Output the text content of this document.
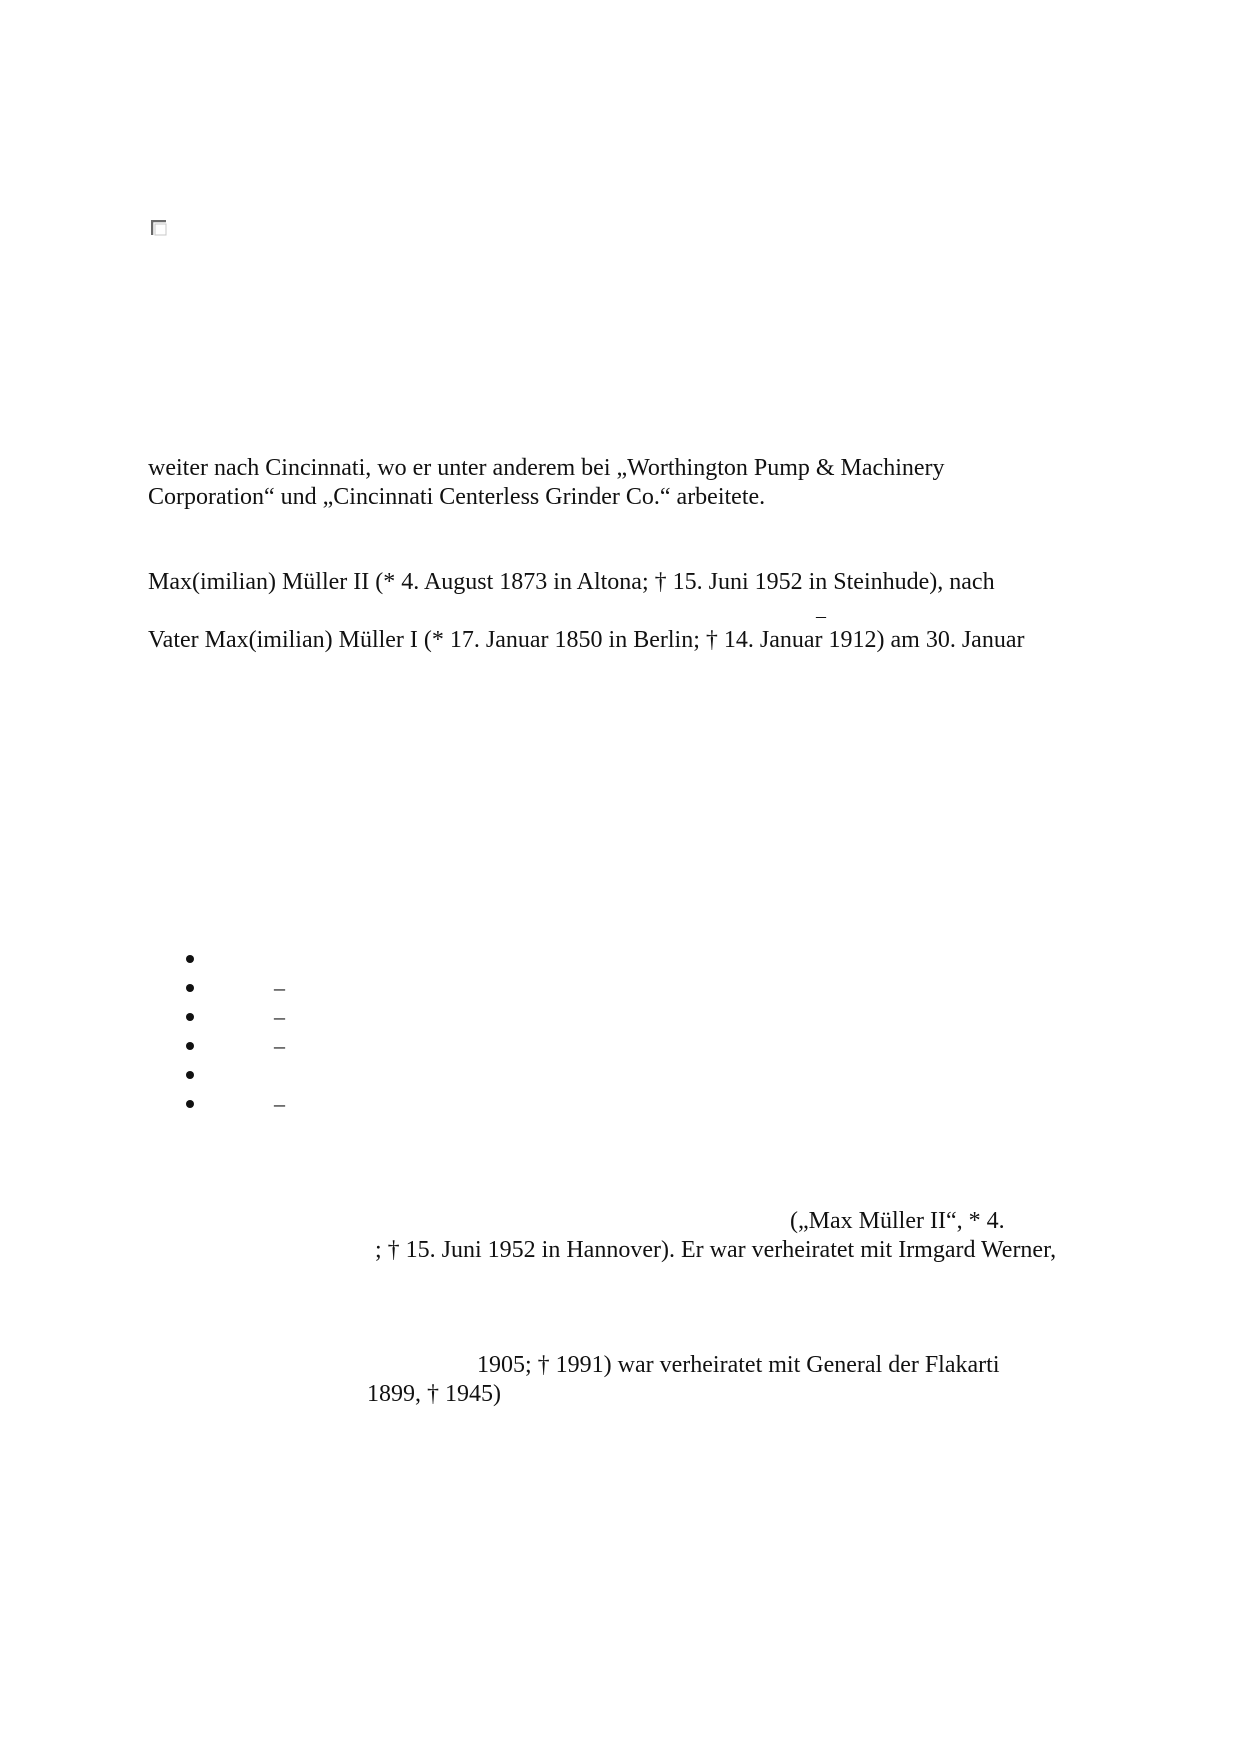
weiter nach Cincinnati, wo er unter anderem bei „Worthington Pump & Machinery
Corporation“ und „Cincinnati Centerless Grinder Co.“ arbeitete.
Max(imilian) Müller II (* 4. August 1873 in Altona; † 15. Juni 1952 in Steinhude), nach
–
Vater Max(imilian) Müller I (* 17. Januar 1850 in Berlin; † 14. Januar 1912) am 30. Januar
–
–
–
–
(„Max Müller II“, * 4.
; † 15. Juni 1952 in Hannover). Er war verheiratet mit Irmgard Werner,
1905; † 1991) war verheiratet mit General der Flakarti
1899, † 1945)
